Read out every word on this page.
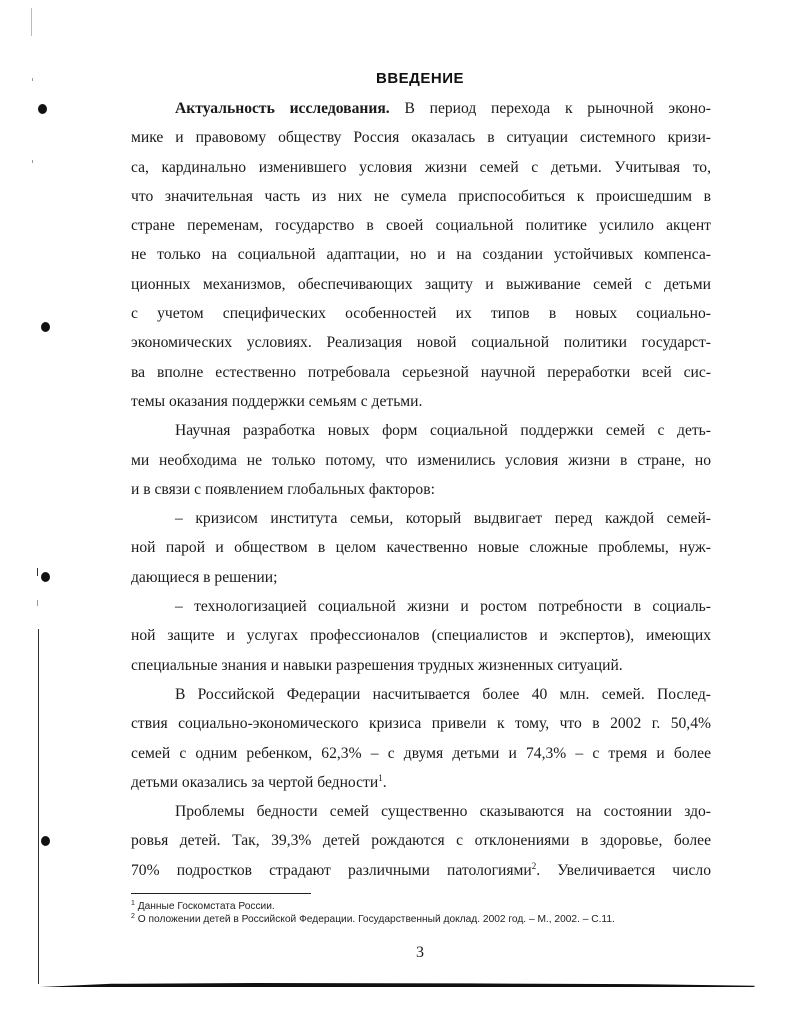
ВВЕДЕНИЕ
Актуальность исследования. В период перехода к рыночной эконо-
мике и правовому обществу Россия оказалась в ситуации системного кризи-
са, кардинально изменившего условия жизни семей с детьми. Учитывая то,
что значительная часть из них не сумела приспособиться к происшедшим в
стране переменам, государство в своей социальной политике усилило акцент
не только на социальной адаптации, но и на создании устойчивых компенса-
ционных механизмов, обеспечивающих защиту и выживание семей с детьми
с учетом специфических особенностей их типов в новых социально-
экономических условиях. Реализация новой социальной политики государст-
ва вполне естественно потребовала серьезной научной переработки всей сис-
темы оказания поддержки семьям с детьми.
Научная разработка новых форм социальной поддержки семей с деть-
ми необходима не только потому, что изменились условия жизни в стране, но
и в связи с появлением глобальных факторов:
– кризисом института семьи, который выдвигает перед каждой семей-
ной парой и обществом в целом качественно новые сложные проблемы, нуж-
дающиеся в решении;
– технологизацией социальной жизни и ростом потребности в социаль-
ной защите и услугах профессионалов (специалистов и экспертов), имеющих
специальные знания и навыки разрешения трудных жизненных ситуаций.
В Российской Федерации насчитывается более 40 млн. семей. Послед-
ствия социально-экономического кризиса привели к тому, что в 2002 г. 50,4%
семей с одним ребенком, 62,3% – с двумя детьми и 74,3% – с тремя и более
детьми оказались за чертой бедности$^1$.
Проблемы бедности семей существенно сказываются на состоянии здо-
ровья детей. Так, 39,3% детей рождаются с отклонениями в здоровье, более
70% подростков страдают различными патологиями$^2$. Увеличивается число
$^1$ Данные Госкомстата России.
$^2$ О положении детей в Российской Федерации. Государственный доклад. 2002 год. – М., 2002. – С.11.
3
